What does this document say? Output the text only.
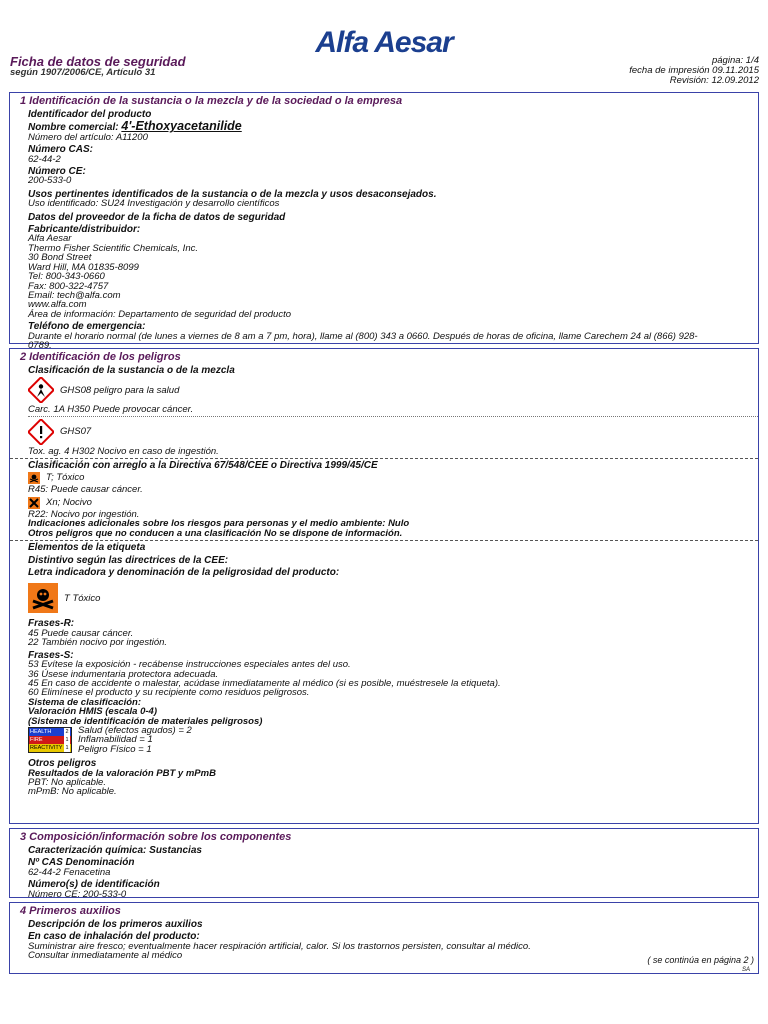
Alfa Aesar
Ficha de datos de seguridad
según 1907/2006/CE, Artículo 31
página: 1/4
fecha de impresión 09.11.2015
Revisión: 12.09.2012
1 Identificación de la sustancia o la mezcla y de la sociedad o la empresa
Identificador del producto
Nombre comercial: 4'-Ethoxyacetanilide
Número del artículo: A11200
Número CAS:
62-44-2
Número CE:
200-533-0
Usos pertinentes identificados de la sustancia o de la mezcla y usos desaconsejados.
Uso identificado: SU24 Investigación y desarrollo científicos
Datos del proveedor de la ficha de datos de seguridad
Fabricante/distribuidor:
Alfa Aesar
Thermo Fisher Scientific Chemicals, Inc.
30 Bond Street
Ward Hill, MA 01835-8099
Tel: 800-343-0660
Fax: 800-322-4757
Email: tech@alfa.com
www.alfa.com
Área de información: Departamento de seguridad del producto
Teléfono de emergencia:
Durante el horario normal (de lunes a viernes de 8 am a 7 pm, hora), llame al (800) 343 a 0660. Después de horas de oficina, llame Carechem 24 al (866) 928-
0789.
2 Identificación de los peligros
Clasificación de la sustancia o de la mezcla
GHS08 peligro para la salud
Carc. 1A H350 Puede provocar cáncer.
GHS07
Tox. ag. 4 H302 Nocivo en caso de ingestión.
Clasificación con arreglo a la Directiva 67/548/CEE o Directiva 1999/45/CE
T; Tóxico
R45: Puede causar cáncer.
Xn; Nocivo
R22: Nocivo por ingestión.
Indicaciones adicionales sobre los riesgos para personas y el medio ambiente: Nulo
Otros peligros que no conducen a una clasificación No se dispone de información.
Elementos de la etiqueta
Distintivo según las directrices de la CEE:
Letra indicadora y denominación de la peligrosidad del producto:
T Tóxico
Frases-R:
45 Puede causar cáncer.
22 También nocivo por ingestión.
Frases-S:
53 Evítese la exposición - recábense instrucciones especiales antes del uso.
36 Úsese indumentaria protectora adecuada.
45 En caso de accidente o malestar, acúdase inmediatamente al médico (si es posible, muéstresele la etiqueta).
60 Elimínese el producto y su recipiente como residuos peligrosos.
Sistema de clasificación:
Valoración HMIS (escala 0-4)
(Sistema de identificación de materiales peligrosos)
HEALTH	2
FIRE	1
REACTIVITY 1
Salud (efectos agudos) = 2
Inflamabilidad = 1
Peligro Físico = 1
Otros peligros
Resultados de la valoración PBT y mPmB
PBT: No aplicable.
mPmB: No aplicable.
3 Composición/información sobre los componentes
Caracterización química: Sustancias
Nº CAS Denominación
62-44-2 Fenacetina
Número(s) de identificación
Número CE: 200-533-0
4 Primeros auxilios
Descripción de los primeros auxilios
En caso de inhalación del producto:
Suministrar aire fresco; eventualmente hacer respiración artificial, calor. Si los trastornos persisten, consultar al médico.
Consultar inmediatamente al médico	( se continúa en página 2 )
SA
